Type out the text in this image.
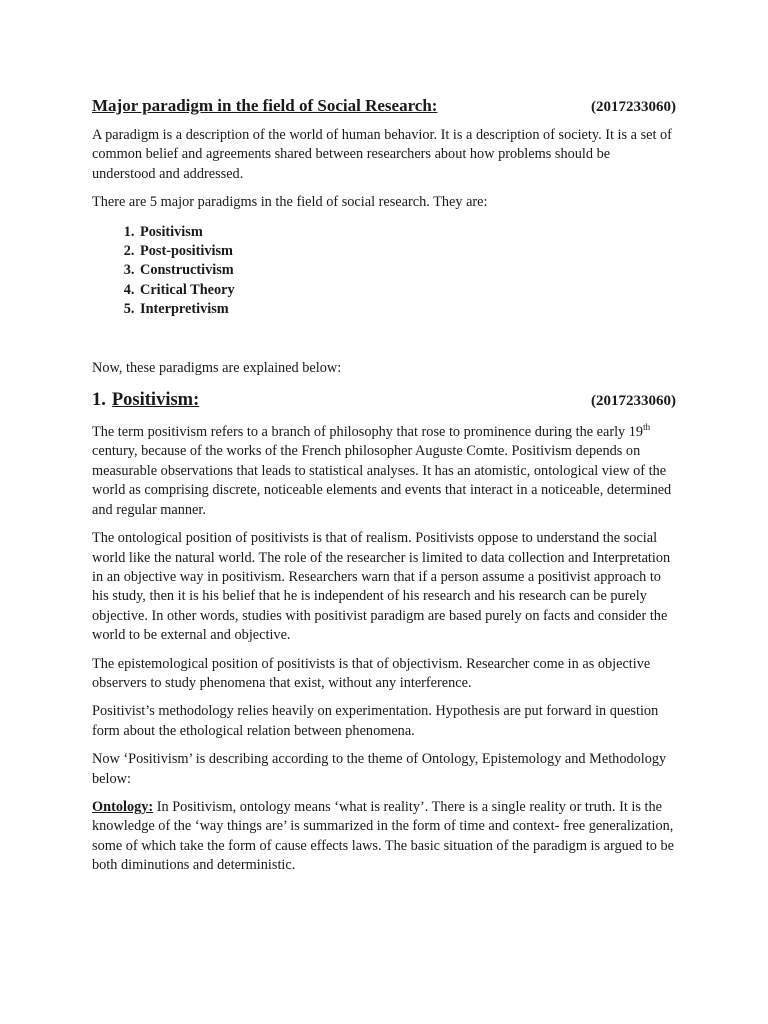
Major paradigm in the field of Social Research:	(2017233060)

A paradigm is a description of the world of human behavior. It is a description of society. It is a set of common belief and agreements shared between researchers about how problems should be understood and addressed.

There are 5 major paradigms in the field of social research. They are:

1. Positivism
2. Post-positivism
3. Constructivism
4. Critical Theory
5. Interpretivism

Now, these paradigms are explained below:

1. Positivism:	(2017233060)

The term positivism refers to a branch of philosophy that rose to prominence during the early 19th century, because of the works of the French philosopher Auguste Comte. Positivism depends on measurable observations that leads to statistical analyses. It has an atomistic, ontological view of the world as comprising discrete, noticeable elements and events that interact in a noticeable, determined and regular manner.

The ontological position of positivists is that of realism. Positivists oppose to understand the social world like the natural world. The role of the researcher is limited to data collection and Interpretation in an objective way in positivism. Researchers warn that if a person assume a positivist approach to his study, then it is his belief that he is independent of his research and his research can be purely objective. In other words, studies with positivist paradigm are based purely on facts and consider the world to be external and objective.

The epistemological position of positivists is that of objectivism. Researcher come in as objective observers to study phenomena that exist, without any interference.

Positivist’s methodology relies heavily on experimentation. Hypothesis are put forward in question form about the ethological relation between phenomena.

Now ‘Positivism’ is describing according to the theme of Ontology, Epistemology and Methodology below:

Ontology: In Positivism, ontology means ‘what is reality’. There is a single reality or truth. It is the knowledge of the ‘way things are’ is summarized in the form of time and context- free generalization, some of which take the form of cause effects laws. The basic situation of the paradigm is argued to be both diminutions and deterministic.
